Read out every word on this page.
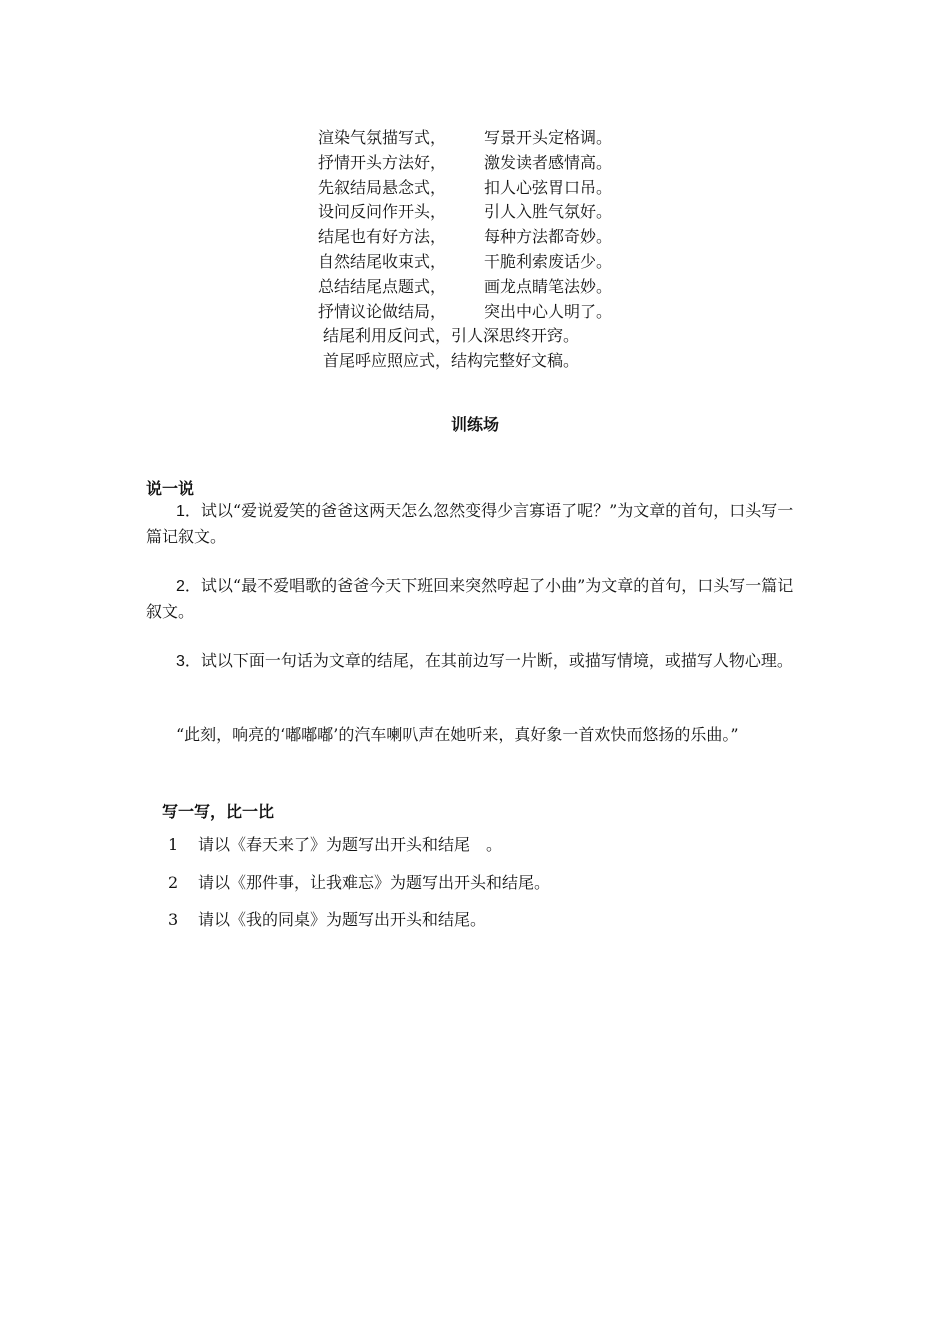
渲染气氛描写式， 写景开头定格调。
抒情开头方法好， 激发读者感情高。
先叙结局悬念式， 扣人心弦胃口吊。
设问反问作开头， 引人入胜气氛好。
结尾也有好方法， 每种方法都奇妙。
自然结尾收束式， 干脆利索废话少。
总结结尾点题式， 画龙点睛笔法妙。
抒情议论做结局， 突出中心人明了。
结尾利用反问式，引人深思终开窍。
首尾呼应照应式，结构完整好文稿。
训练场
说一说
1．试以“爱说爱笑的爸爸这两天怎么忽然变得少言寡语了呢？”为文章的首句，口头写一篇记叙文。
2．试以“最不爱唱歌的爸爸今天下班回来突然哼起了小曲”为文章的首句，口头写一篇记叙文。
3．试以下面一句话为文章的结尾，在其前边写一片断，或描写情境，或描写人物心理。
“此刻，响亮的‘嘟嘟嘟’的汽车喇叭声在她听来，真好象一首欢快而悠扬的乐曲。”
写一写，比一比
1 请以《春天来了》为题写出开头和结尾　。
2 请以《那件事，让我难忘》为题写出开头和结尾。
3 请以《我的同桌》为题写出开头和结尾。
